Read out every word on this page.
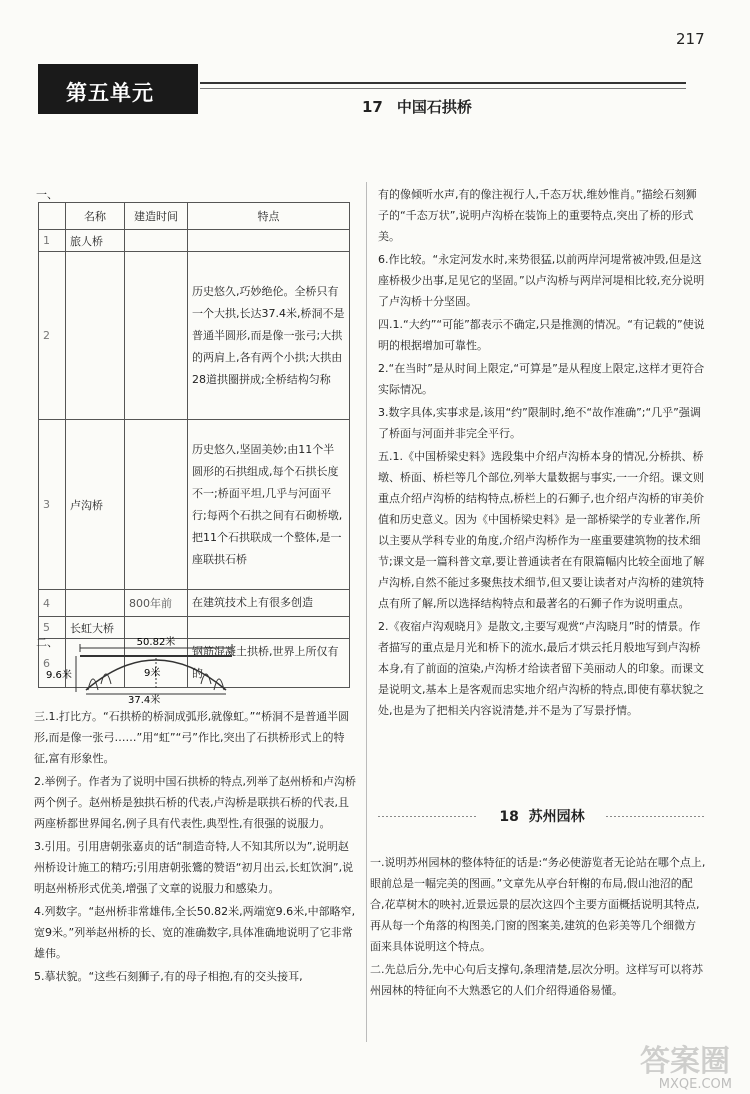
217
第五单元
17 中国石拱桥
一、
	名称	建造时间	特点
1	旅人桥		
2			历史悠久,巧妙绝伦。全桥只有一个大拱,长达37.4米,桥洞不是普通半圆形,而是像一张弓;大拱的两肩上,各有两个小拱;大拱由28道拱圈拼成;全桥结构匀称
3	卢沟桥		历史悠久,坚固美妙;由11个半圆形的石拱组成,每个石拱长度不一;桥面平坦,几乎与河面平行;每两个石拱之间有石砌桥墩,把11个石拱联成一个整体,是一座联拱石桥
4		800年前	在建筑技术上有很多创造
5	长虹大桥		
6			钢筋混凝土拱桥,世界上所仅有的
二、	50.82米
9.6米	9米
37.4米
三.1.打比方。“石拱桥的桥洞成弧形,就像虹。”“桥洞不是普通半圆形,而是像一张弓……”用“虹”“弓”作比,突出了石拱桥形式上的特征,富有形象性。
2.举例子。作者为了说明中国石拱桥的特点,列举了赵州桥和卢沟桥两个例子。赵州桥是独拱石桥的代表,卢沟桥是联拱石桥的代表,且两座桥都世界闻名,例子具有代表性,典型性,有很强的说服力。
3.引用。引用唐朝张嘉贞的话“制造奇特,人不知其所以为”,说明赵州桥设计施工的精巧;引用唐朝张鷟的赞语“初月出云,长虹饮涧”,说明赵州桥形式优美,增强了文章的说服力和感染力。
4.列数字。“赵州桥非常雄伟,全长50.82米,两端宽9.6米,中部略窄,宽9米。”列举赵州桥的长、宽的准确数字,具体准确地说明了它非常雄伟。
5.摹状貌。“这些石刻狮子,有的母子相抱,有的交头接耳,
有的像倾听水声,有的像注视行人,千态万状,维妙惟肖。”描绘石刻狮子的“千态万状”,说明卢沟桥在装饰上的重要特点,突出了桥的形式美。
6.作比较。“永定河发水时,来势很猛,以前两岸河堤常被冲毁,但是这座桥极少出事,足见它的坚固。”以卢沟桥与两岸河堤相比较,充分说明了卢沟桥十分坚固。
四.1.“大约”“可能”都表示不确定,只是推测的情况。“有记载的”使说明的根据增加可靠性。
2.“在当时”是从时间上限定,“可算是”是从程度上限定,这样才更符合实际情况。
3.数字具体,实事求是,该用“约”限制时,绝不“故作准确”;“几乎”强调了桥面与河面并非完全平行。
五.1.《中国桥梁史料》选段集中介绍卢沟桥本身的情况,分桥拱、桥墩、桥面、桥栏等几个部位,列举大量数据与事实,一一介绍。课文则重点介绍卢沟桥的结构特点,桥栏上的石狮子,也介绍卢沟桥的审美价值和历史意义。因为《中国桥梁史料》是一部桥梁学的专业著作,所以主要从学科专业的角度,介绍卢沟桥作为一座重要建筑物的技术细节;课文是一篇科普文章,要让普通读者在有限篇幅内比较全面地了解卢沟桥,自然不能过多聚焦技术细节,但又要让读者对卢沟桥的建筑特点有所了解,所以选择结构特点和最著名的石狮子作为说明重点。
2.《夜宿卢沟观晓月》是散文,主要写观赏“卢沟晓月”时的情景。作者描写的重点是月光和桥下的流水,最后才烘云托月般地写到卢沟桥本身,有了前面的渲染,卢沟桥才给读者留下美丽动人的印象。而课文是说明文,基本上是客观而忠实地介绍卢沟桥的特点,即使有摹状貌之处,也是为了把相关内容说清楚,并不是为了写景抒情。
18 苏州园林
一.说明苏州园林的整体特征的话是:“务必使游览者无论站在哪个点上,眼前总是一幅完美的图画。”文章先从亭台轩榭的布局,假山池沼的配合,花草树木的映衬,近景远景的层次这四个主要方面概括说明其特点,再从每一个角落的构图美,门窗的图案美,建筑的色彩美等几个细微方面来具体说明这个特点。
二.先总后分,先中心句后支撑句,条理清楚,层次分明。这样写可以将苏州园林的特征向不大熟悉它的人们介绍得通俗易懂。
答案圈
MXQE.COM
